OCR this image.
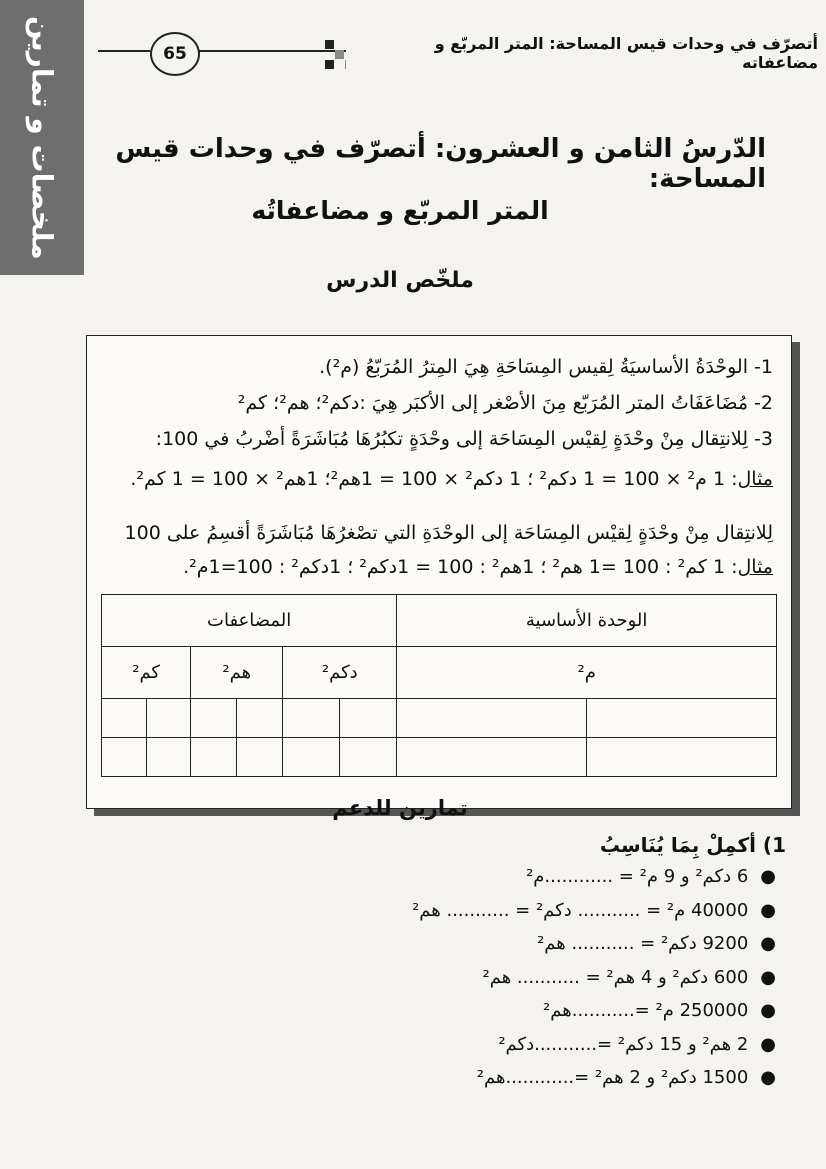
ملخصات و تمارين	أتصرّف في وحدات قيس المساحة: المتر المربّع و مضاعفاته
65
الدّرسُ الثامن و العشرون: أتصرّف في وحدات قيس المساحة:
المتر المربّع و مضاعفاتُه
ملخّص الدرس
1- الوحْدَةُ الأساسيَةُ لِقيس المِسَاحَةِ هِيَ المِترُ المُرَبّعُ (م²).
2- مُضَاعَفَاتُ المتر المُرَبّع مِنَ الأصْغر إلى الأكبَر هِيَ :دكم²؛ هم²؛ كم²
3- لِلانتِقال مِنْ وحْدَةٍ لِقيْس المِسَاحَة إلى وحْدَةٍ تكبُرُهَا مُبَاشَرَةً أضْربُ في 100:
مثال: 1 م² × 100 = 1 دكم² ؛ 1 دكم² × 100 = 1هم²؛ 1هم² × 100 = 1 كم².
لِلانتِقال مِنْ وحْدَةٍ لِقيْس المِسَاحَة إلى الوحْدَةِ التي تصْغرُهَا مُبَاشَرَةً أقسِمُ على 100
مثال: 1 كم² : 100 =1 هم² ؛ 1هم² : 100 = 1دكم² ؛ 1دكم² : 100=1م².
الوحدة الأساسية		المضاعفات					
م²		دكم²		هم²		كم²	

تمارين للدعم
1) أكمِلْ بِمَا يُنَاسِبُ
●6 دكم² و 9 م² = ............م²
●40000 م² = ........... دكم² = ........... هم²
●9200 دكم² = ........... هم²
●600 دكم² و 4 هم² = ........... هم²
●250000 م² =...........هم²
●2 هم² و 15 دكم² =...........دكم²
●1500 دكم² و 2 هم² =............هم²
